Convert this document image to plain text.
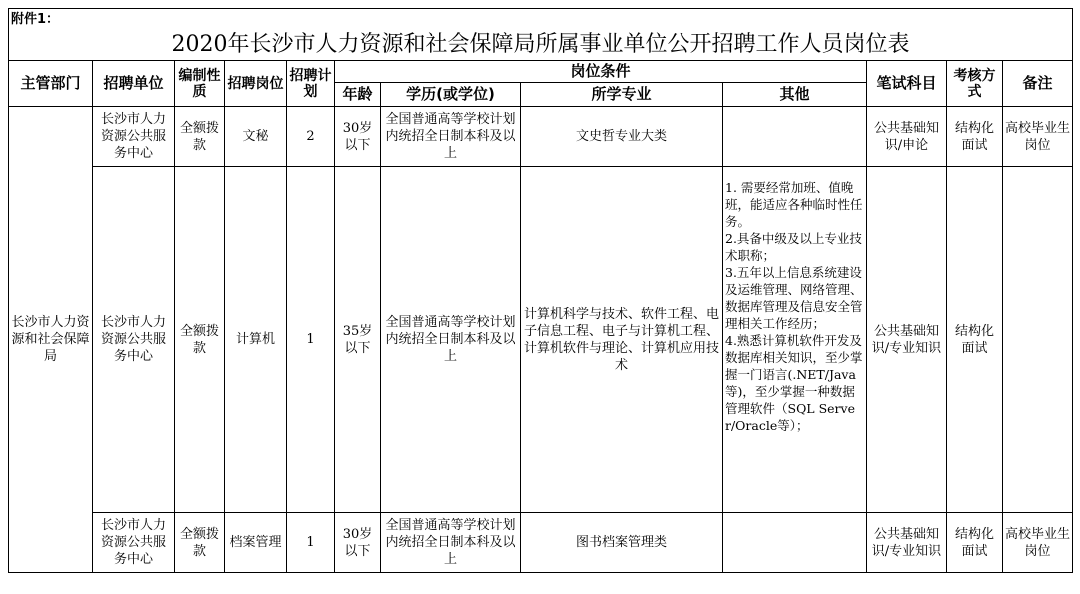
附件1：											
2020年长沙市人力资源和社会保障局所属事业单位公开招聘工作人员岗位表											
主管部门	招聘单位	编制性质	招聘岗位	招聘计划	岗位条件				笔试科目	考核方式	备注
					年龄	学历(或学位)	所学专业	其他			
长沙市人力资源和社会保障局	长沙市人力资源公共服务中心	全额拨款	文秘	2	30岁以下	全国普通高等学校计划内统招全日制本科及以上	文史哲专业大类		公共基础知识/申论	结构化面试	高校毕业生岗位
	长沙市人力资源公共服务中心	全额拨款	计算机	1	35岁以下	全国普通高等学校计划内统招全日制本科及以上	计算机科学与技术、软件工程、电子信息工程、电子与计算机工程、计算机软件与理论、计算机应用技术	1. 需要经常加班、值晚班，能适应各种临时性任务。
2.具备中级及以上专业技术职称；
3.五年以上信息系统建设及运维管理、网络管理、数据库管理及信息安全管理相关工作经历；
4.熟悉计算机软件开发及数据库相关知识，至少掌握一门语言(.NET/Java等)，至少掌握一种数据管理软件（SQL Server/Oracle等）；	公共基础知识/专业知识	结构化面试	
	长沙市人力资源公共服务中心	全额拨款	档案管理	1	30岁以下	全国普通高等学校计划内统招全日制本科及以上	图书档案管理类		公共基础知识/专业知识	结构化面试	高校毕业生岗位
